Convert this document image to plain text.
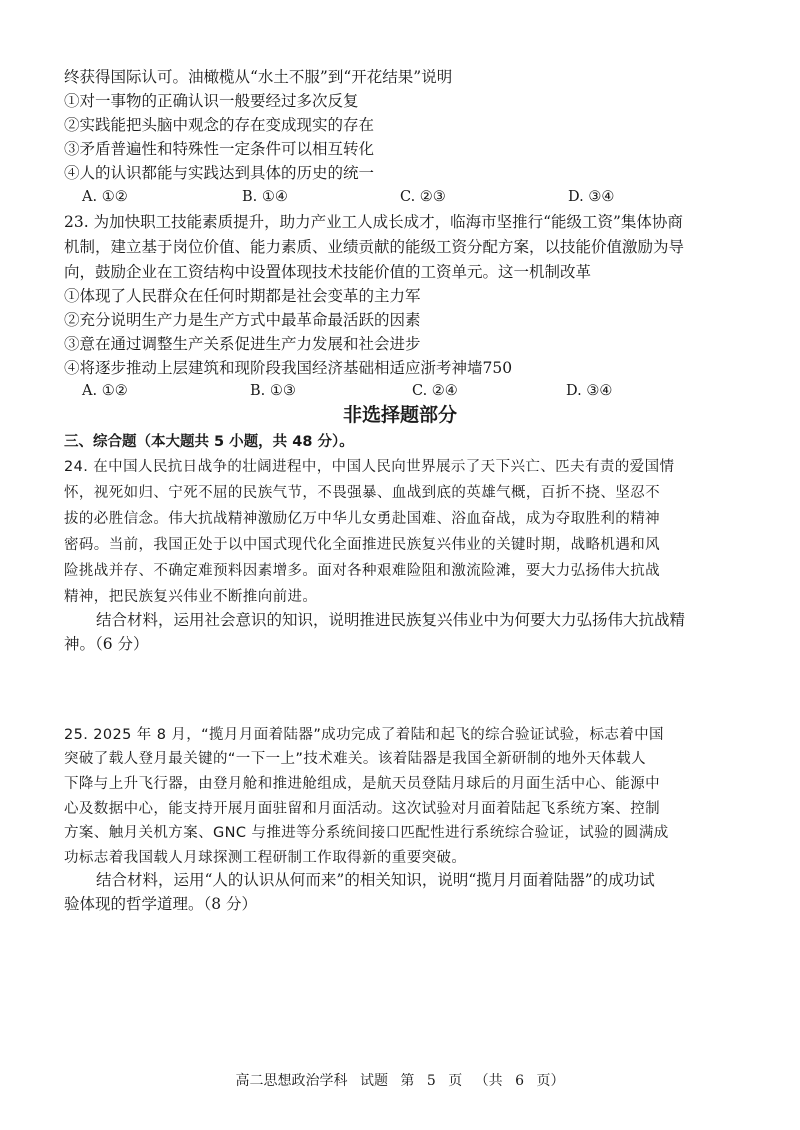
终获得国际认可。油橄榄从“水土不服”到“开花结果”说明
①对一事物的正确认识一般要经过多次反复
②实践能把头脑中观念的存在变成现实的存在
③矛盾普遍性和特殊性一定条件可以相互转化
④人的认识都能与实践达到具体的历史的统一
A. ①②	B. ①④	C. ②③	D. ③④
23. 为加快职工技能素质提升，助力产业工人成长成才，临海市坚推行“能级工资”集体协商
机制，建立基于岗位价值、能力素质、业绩贡献的能级工资分配方案，以技能价值激励为导
向，鼓励企业在工资结构中设置体现技术技能价值的工资单元。这一机制改革
①体现了人民群众在任何时期都是社会变革的主力军
②充分说明生产力是生产方式中最革命最活跃的因素
③意在通过调整生产关系促进生产力发展和社会进步
④将逐步推动上层建筑和现阶段我国经济基础相适应浙考神墙750
A. ①②	B. ①③	C. ②④	D. ③④
非选择题部分
三、综合题（本大题共 5 小题，共 48 分）。
24. 在中国人民抗日战争的壮阔进程中，中国人民向世界展示了天下兴亡、匹夫有责的爱国情
怀，视死如归、宁死不屈的民族气节，不畏强暴、血战到底的英雄气概，百折不挠、坚忍不
拔的必胜信念。伟大抗战精神激励亿万中华儿女勇赴国难、浴血奋战，成为夺取胜利的精神
密码。当前，我国正处于以中国式现代化全面推进民族复兴伟业的关键时期，战略机遇和风
险挑战并存、不确定难预料因素增多。面对各种艰难险阻和激流险滩，要大力弘扬伟大抗战
精神，把民族复兴伟业不断推向前进。
结合材料，运用社会意识的知识，说明推进民族复兴伟业中为何要大力弘扬伟大抗战精
神。（6 分）
25. 2025 年 8 月，“揽月月面着陆器”成功完成了着陆和起飞的综合验证试验，标志着中国
突破了载人登月最关键的“一下一上”技术难关。该着陆器是我国全新研制的地外天体载人
下降与上升飞行器，由登月舱和推进舱组成，是航天员登陆月球后的月面生活中心、能源中
心及数据中心，能支持开展月面驻留和月面活动。这次试验对月面着陆起飞系统方案、控制
方案、触月关机方案、GNC 与推进等分系统间接口匹配性进行系统综合验证，试验的圆满成
功标志着我国载人月球探测工程研制工作取得新的重要突破。
结合材料，运用“人的认识从何而来”的相关知识，说明“揽月月面着陆器”的成功试
验体现的哲学道理。（8 分）
高二思想政治学科 试题 第 5 页 （共 6 页）
